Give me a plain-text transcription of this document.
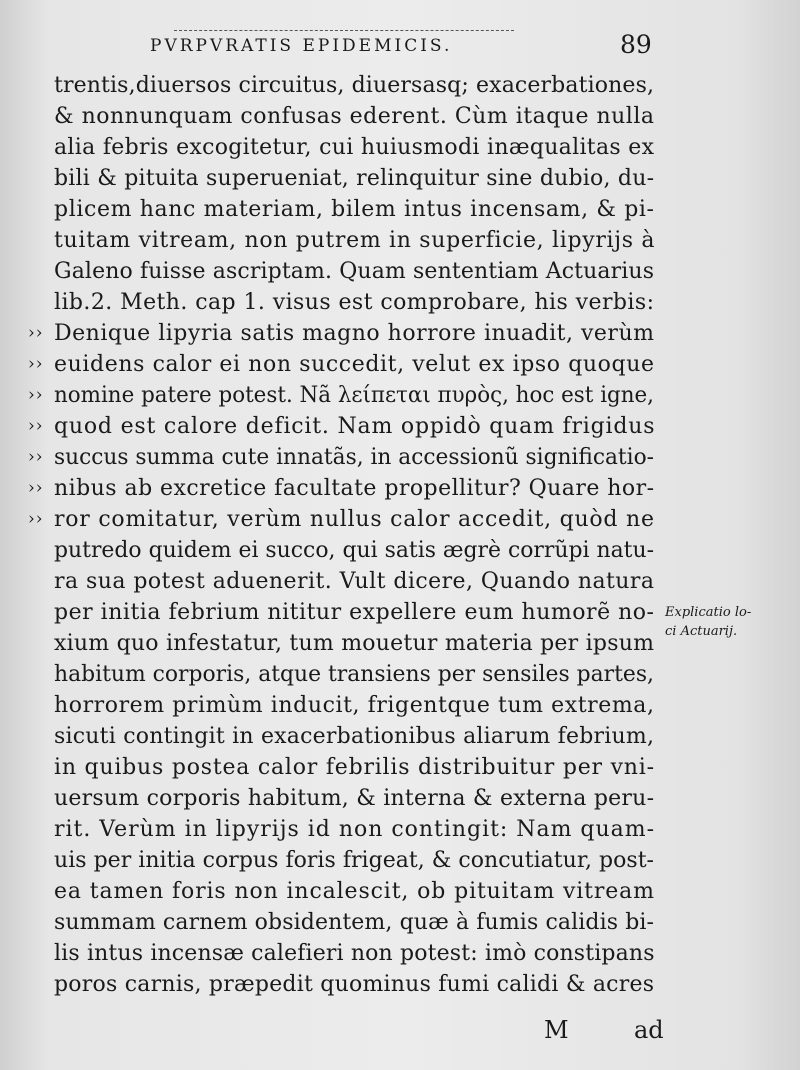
PVRPVRATIS EPIDEMICIS.	89
trentis,diuersos circuitus, diuersasq; exacerbationes,
& nonnunquam confusas ederent. Cùm itaque nulla
alia febris excogitetur, cui huiusmodi inæqualitas ex
bili & pituita superueniat, relinquitur sine dubio, du-
plicem hanc materiam, bilem intus incensam, & pi-
tuitam vitream, non putrem in superficie, lipyrijs à
Galeno fuisse ascriptam. Quam sententiam Actuarius
lib.2. Meth. cap 1. visus est comprobare, his verbis:
›› Denique lipyria satis magno horrore inuadit, verùm
›› euidens calor ei non succedit, velut ex ipso quoque
›› nomine patere potest. Nã λείπεται πυρὸς, hoc est igne,
›› quod est calore deficit. Nam oppidò quam frigidus
›› succus summa cute innatãs, in accessionũ significatio-
›› nibus ab excretice facultate propellitur? Quare hor-
›› ror comitatur, verùm nullus calor accedit, quòd ne
putredo quidem ei succo, qui satis ægrè corrũpi natu-
ra sua potest aduenerit. Vult dicere, Quando natura
per initia febrium nititur expellere eum humorẽ no-
xium quo infestatur, tum mouetur materia per ipsum
habitum corporis, atque transiens per sensiles partes,
horrorem primùm inducit, frigentque tum extrema,
sicuti contingit in exacerbationibus aliarum febrium,
in quibus postea calor febrilis distribuitur per vni-
uersum corporis habitum, & interna & externa peru-
rit. Verùm in lipyrijs id non contingit: Nam quam-
uis per initia corpus foris frigeat, & concutiatur, post-
ea tamen foris non incalescit, ob pituitam vitream
summam carnem obsidentem, quæ à fumis calidis bi-
lis intus incensæ calefieri non potest: imò constipans
poros carnis, præpedit quominus fumi calidi & acres
Explicatio lo-
ci Actuarij.
M	ad
